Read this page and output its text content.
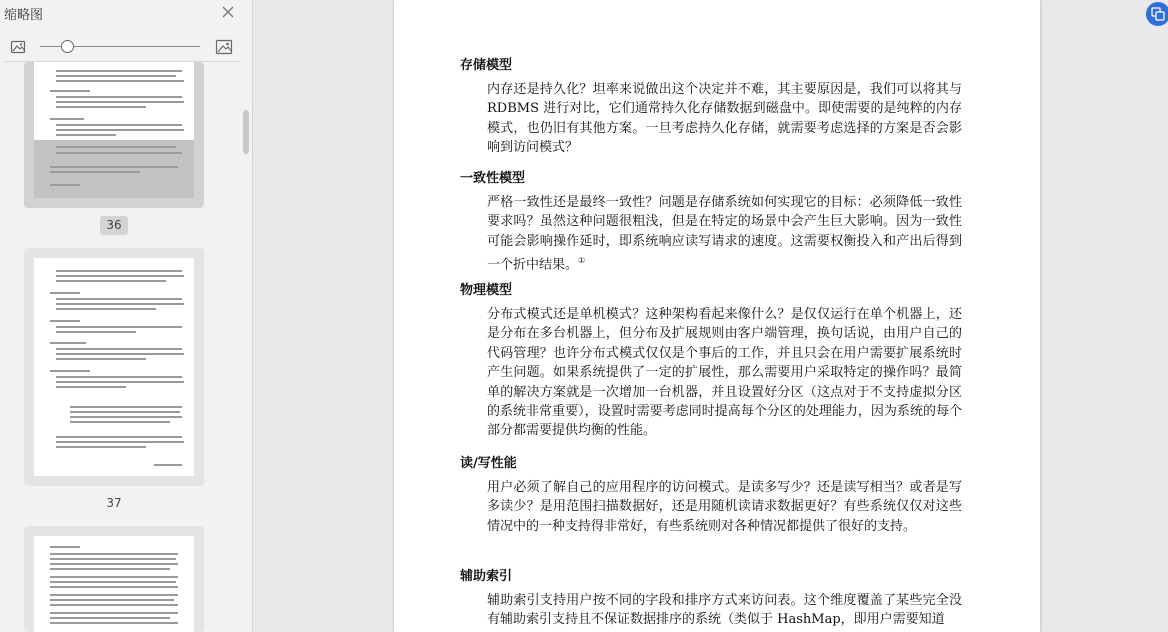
缩略图
36
37
存储模型

内存还是持久化？坦率来说做出这个决定并不难，其主要原因是，我们可以将其与 RDBMS 进行对比，它们通常持久化存储数据到磁盘中。即使需要的是纯粹的内存模式，也仍旧有其他方案。一旦考虑持久化存储，就需要考虑选择的方案是否会影响到访问模式？

一致性模型

严格一致性还是最终一致性？问题是存储系统如何实现它的目标：必须降低一致性要求吗？虽然这种问题很粗浅，但是在特定的场景中会产生巨大影响。因为一致性可能会影响操作延时，即系统响应读写请求的速度。这需要权衡投入和产出后得到一个折中结果。①

物理模型

分布式模式还是单机模式？这种架构看起来像什么？是仅仅运行在单个机器上，还是分布在多台机器上，但分布及扩展规则由客户端管理，换句话说，由用户自己的代码管理？也许分布式模式仅仅是个事后的工作，并且只会在用户需要扩展系统时产生问题。如果系统提供了一定的扩展性，那么需要用户采取特定的操作吗？最简单的解决方案就是一次增加一台机器，并且设置好分区（这点对于不支持虚拟分区的系统非常重要），设置时需要考虑同时提高每个分区的处理能力，因为系统的每个部分都需要提供均衡的性能。

读/写性能

用户必须了解自己的应用程序的访问模式。是读多写少？还是读写相当？或者是写多读少？是用范围扫描数据好，还是用随机读请求数据更好？有些系统仅仅对这些情况中的一种支持得非常好，有些系统则对各种情况都提供了很好的支持。

辅助索引

辅助索引支持用户按不同的字段和排序方式来访问表。这个维度覆盖了某些完全没有辅助索引支持且不保证数据排序的系统（类似于 HashMap，即用户需要知道
